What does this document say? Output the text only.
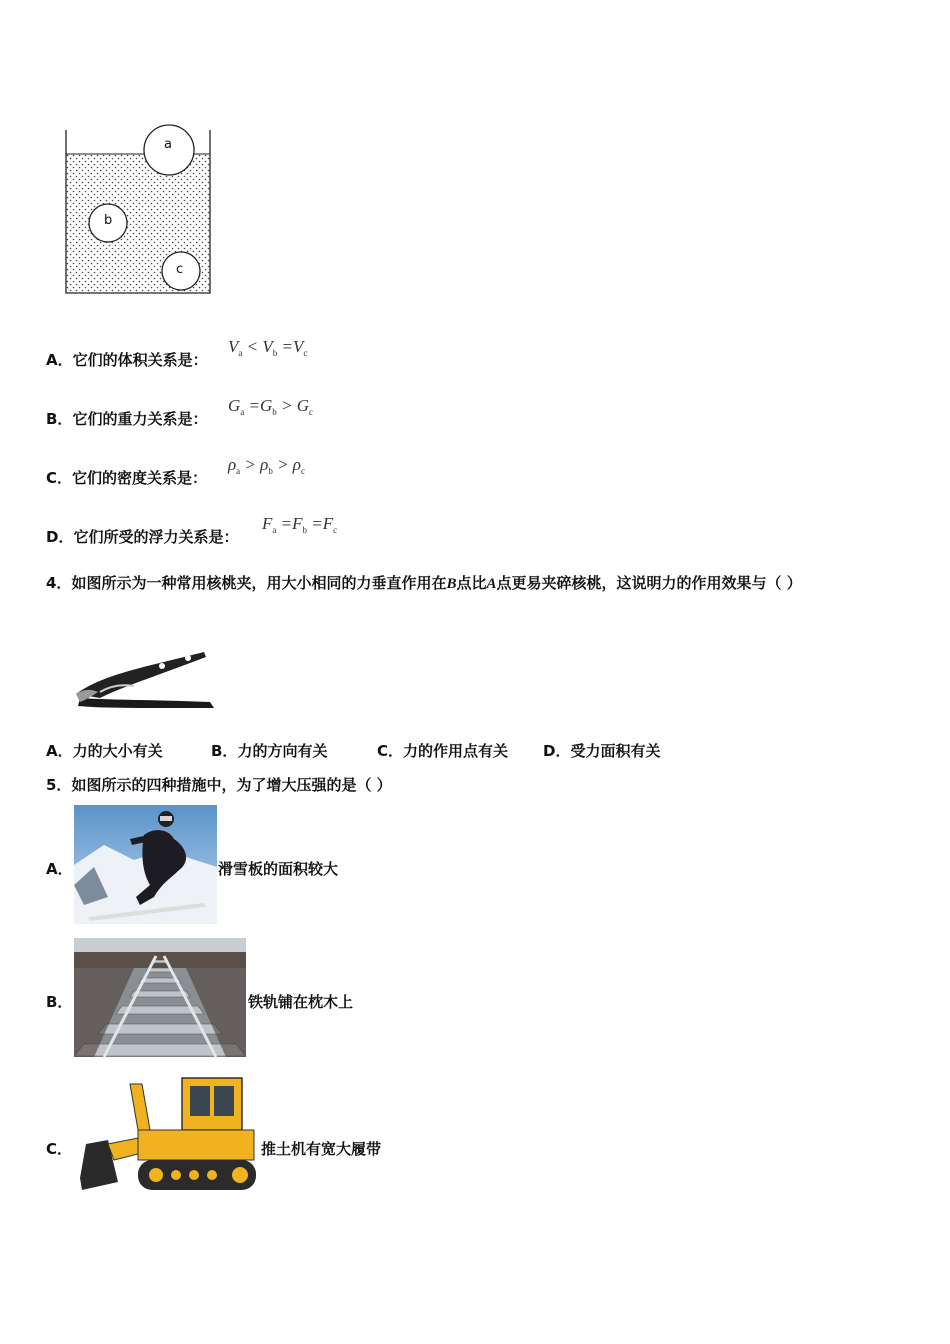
a
b
c
A．它们的体积关系是：
$V_a < V_b =V_c$
B．它们的重力关系是：
$G_a =G_b > G_c$
C．它们的密度关系是：
$\rho_a > \rho_b > \rho_c$
D．它们所受的浮力关系是：
$F_a =F_b =F_c$
4．如图所示为一种常用核桃夹，用大小相同的力垂直作用在B点比A点更易夹碎核桃，这说明力的作用效果与（ ）
A．力的大小有关	B．力的方向有关	C．力的作用点有关 D．受力面积有关
5．如图所示的四种措施中，为了增大压强的是（ ）
A．	滑雪板的面积较大
B．	铁轨铺在枕木上
C．	推土机有宽大履带
